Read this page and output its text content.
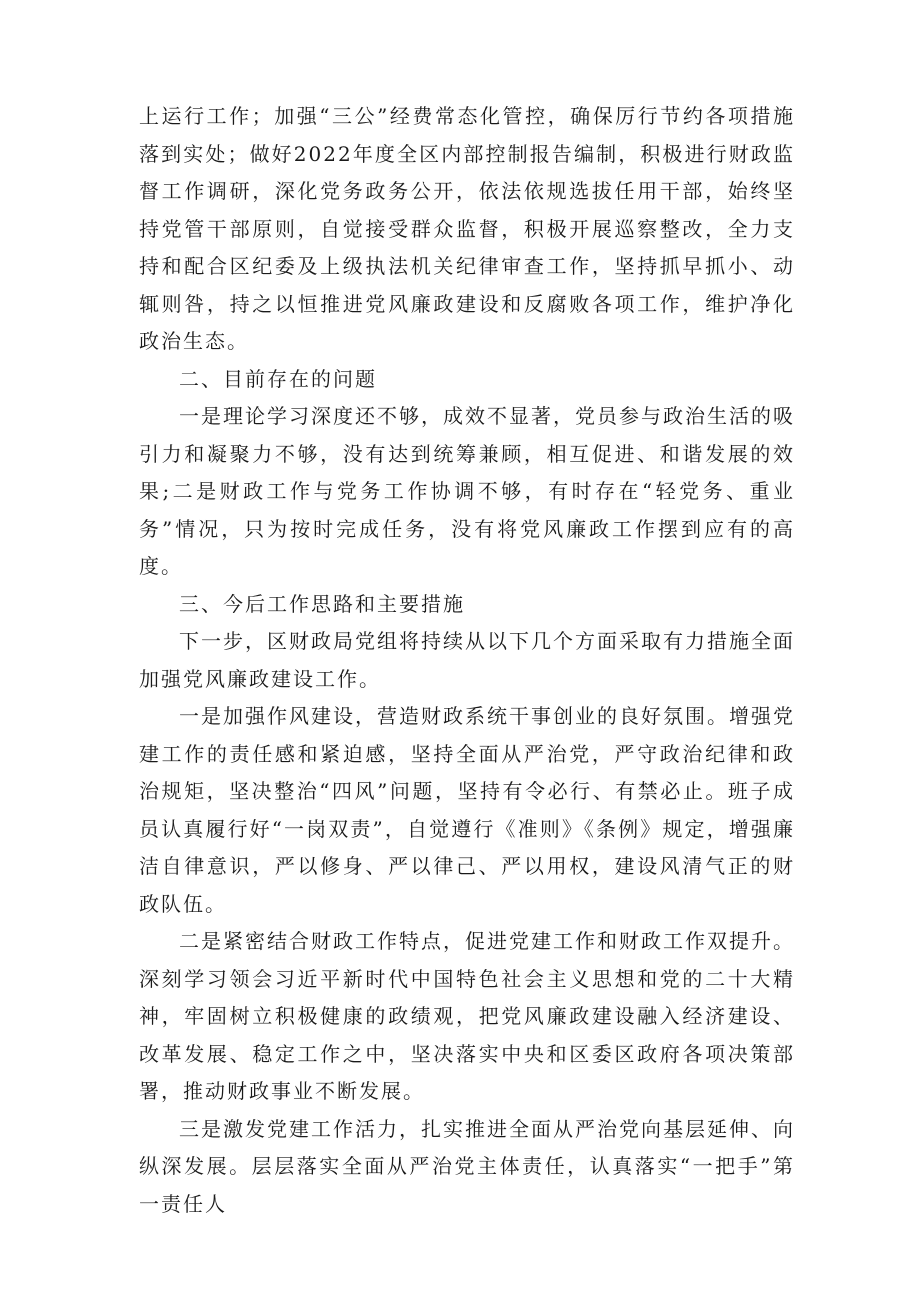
上运行工作；加强“三公”经费常态化管控，确保厉行节约各项措施落到实处；做好2022年度全区内部控制报告编制，积极进行财政监督工作调研，深化党务政务公开，依法依规选拔任用干部，始终坚持党管干部原则，自觉接受群众监督，积极开展巡察整改，全力支持和配合区纪委及上级执法机关纪律审查工作，坚持抓早抓小、动辄则咎，持之以恒推进党风廉政建设和反腐败各项工作，维护净化政治生态。

二、目前存在的问题

一是理论学习深度还不够，成效不显著，党员参与政治生活的吸引力和凝聚力不够，没有达到统筹兼顾，相互促进、和谐发展的效果;二是财政工作与党务工作协调不够，有时存在“轻党务、重业务”情况，只为按时完成任务，没有将党风廉政工作摆到应有的高度。

三、今后工作思路和主要措施

下一步，区财政局党组将持续从以下几个方面采取有力措施全面加强党风廉政建设工作。

一是加强作风建设，营造财政系统干事创业的良好氛围。增强党建工作的责任感和紧迫感，坚持全面从严治党，严守政治纪律和政治规矩，坚决整治“四风”问题，坚持有令必行、有禁必止。班子成员认真履行好“一岗双责”，自觉遵行《准则》《条例》规定，增强廉洁自律意识，严以修身、严以律己、严以用权，建设风清气正的财政队伍。

二是紧密结合财政工作特点，促进党建工作和财政工作双提升。深刻学习领会习近平新时代中国特色社会主义思想和党的二十大精神，牢固树立积极健康的政绩观，把党风廉政建设融入经济建设、改革发展、稳定工作之中，坚决落实中央和区委区政府各项决策部署，推动财政事业不断发展。

三是激发党建工作活力，扎实推进全面从严治党向基层延伸、向纵深发展。层层落实全面从严治党主体责任，认真落实“一把手”第一责任人
